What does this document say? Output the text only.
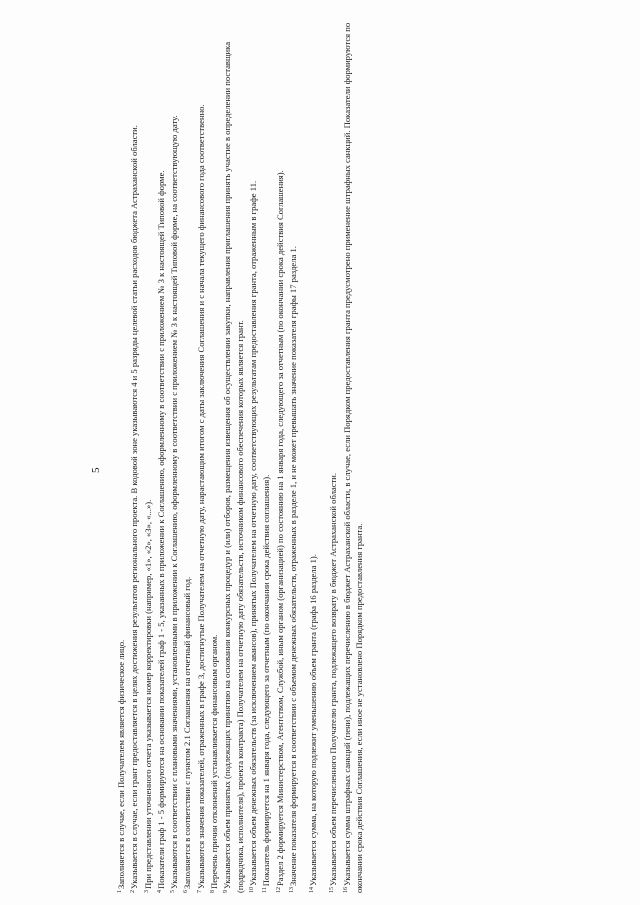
5
$^1$Заполняется в случае, если Получателем является физическое лицо.
$^2$Указывается в случае, если грант предоставляется в целях достижения результатов регионального проекта. В кодовой зоне указываются 4 и 5 разряды целевой статьи расходов бюджета Астраханской области.
$^3$При представлении уточненного отчета указывается номер корректировки (например, «1», «2», «3», «...»).
$^4$Показатели граф 1 - 5 формируются на основании показателей граф 1 - 5, указанных в приложении к Соглашению, оформленному в соответствии с приложением № 3 к настоящей Типовой форме.
$^5$Указываются в соответствии с плановыми значениями, установленными в приложении к Соглашению, оформленному в соответствии с приложением № 3 к настоящей Типовой форме, на соответствующую дату.
$^6$Заполняется в соответствии с пунктом 2.1 Соглашения на отчетный финансовый год.
$^7$Указываются значения показателей, отраженных в графе 3, достигнутые Получателем на отчетную дату, нарастающим итогом с даты заключения Соглашения и с начала текущего финансового года соответственно.
$^8$Перечень причин отклонений устанавливается финансовым органом.
$^9$Указывается объем принятых (подлежащих принятию на основании конкурсных процедур и (или) отборов, размещения извещения об осуществлении закупки, направления приглашения принять участие в определении поставщика (подрядчика, исполнителя), проекта контракта) Получателем на отчетную дату обязательств, источником финансового обеспечения которых является грант. $^{10}$Указывается объем денежных обязательств (за исключением авансов), принятых Получателем на отчетную дату, соответствующих результатам предоставления гранта, отраженным в графе 11.
$^{11}$Показатель формируется на 1 января года, следующего за отчетным (по окончании срока действия соглашения).
$^{12}$Раздел 2 формируется Министерством, Агентством, Службой, иным органом (организацией) по состоянию на 1 января года, следующего за отчетным (по окончании срока действия Соглашения).
$^{13}$Значение показателя формируется в соответствии с объемом денежных обязательств, отраженных в разделе 1, и не может превышать значение показателя графы 17 раздела 1.
$^{14}$Указывается сумма, на которую подлежит уменьшению объем гранта (графа 16 раздела 1).
$^{15}$Указывается объем перечисленного Получателю гранта, подлежащего возврату в бюджет Астраханской области.
$^{16}$Указывается сумма штрафных санкций (пени), подлежащих перечислению в бюджет Астраханской области, в случае, если Порядком предоставления гранта предусмотрено применение штрафных санкций. Показатели формируются по окончании срока действия Соглашения, если иное не установлено Порядком предоставления гранта.
